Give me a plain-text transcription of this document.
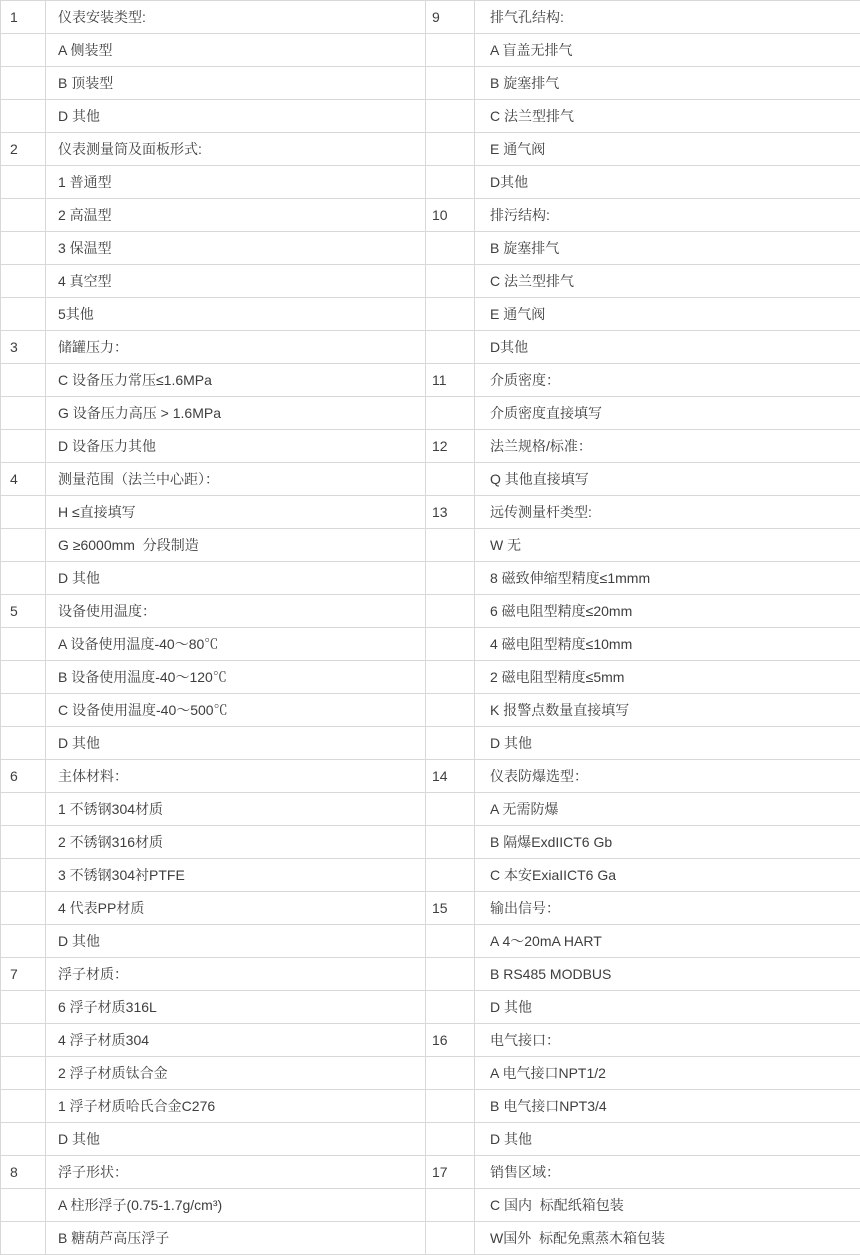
1	仪表安装类型:	9	排气孔结构:
	A 侧装型		A 盲盖无排气
	B 顶装型		B 旋塞排气
	D 其他		C 法兰型排气
2	仪表测量筒及面板形式:		E 通气阀
	1 普通型		D其他
	2 高温型	10	排污结构:
	3 保温型		B 旋塞排气
	4 真空型		C 法兰型排气
	5其他		E 通气阀
3	储罐压力：		D其他
	C 设备压力常压≤1.6MPa	11	介质密度：
	G 设备压力高压 > 1.6MPa		介质密度直接填写
	D 设备压力其他	12	法兰规格/标准：
4	测量范围（法兰中心距）：		Q 其他直接填写
	H ≤直接填写	13	远传测量杆类型:
	G ≥6000mm  分段制造		W 无
	D 其他		8 磁致伸缩型精度≤1mmm
5	设备使用温度：		6 磁电阻型精度≤20mm
	A 设备使用温度-40～80℃		4 磁电阻型精度≤10mm
	B 设备使用温度-40～120℃		2 磁电阻型精度≤5mm
	C 设备使用温度-40～500℃		K 报警点数量直接填写
	D 其他		D 其他
6	主体材料：	14	仪表防爆选型：
	1 不锈钢304材质		A 无需防爆
	2 不锈钢316材质		B 隔爆ExdIICT6 Gb
	3 不锈钢304衬PTFE		C 本安ExiaIICT6 Ga
	4 代表PP材质	15	输出信号：
	D 其他		A 4～20mA HART
7	浮子材质：		B RS485 MODBUS
	6 浮子材质316L		D 其他
	4 浮子材质304	16	电气接口：
	2 浮子材质钛合金		A 电气接口NPT1/2
	1 浮子材质哈氏合金C276		B 电气接口NPT3/4
	D 其他		D 其他
8	浮子形状：	17	销售区域：
	A 柱形浮子(0.75-1.7g/cm³)		C 国内  标配纸箱包装
	B 糖葫芦高压浮子		W国外  标配免熏蒸木箱包装
